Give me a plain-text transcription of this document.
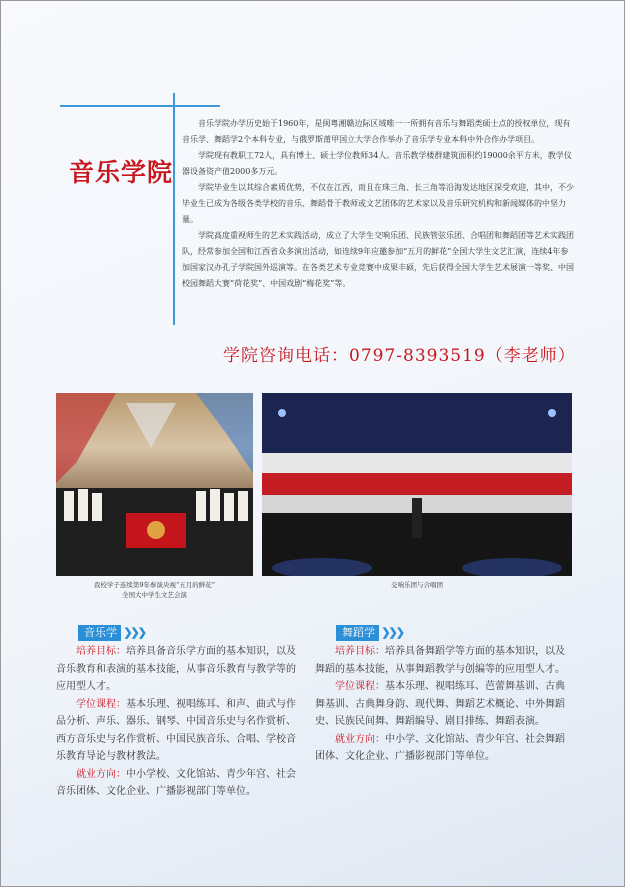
音乐学院

音乐学院办学历史始于1960年，是闽粤湘赣边际区域唯一一所拥有音乐与舞蹈类硕士点的授权单位，现有音乐学、舞蹈学2个本科专业，与俄罗斯莆甲国立大学合作举办了音乐学专业本科中外合作办学项目。

学院现有教职工72人，具有博士、硕士学位教师34人。音乐教学楼群建筑面积约19000余平方米，教学仪器设备资产值2000多万元。

学院毕业生以其综合素质优势，不仅在江西，而且在珠三角、长三角等沿海发达地区深受欢迎，其中，不少毕业生已成为各级各类学校的音乐、舞蹈骨干教师或文艺团体的艺术家以及音乐研究机构和新闻媒体的中坚力量。

学院高度重视师生的艺术实践活动，成立了大学生交响乐团、民族管弦乐团、合唱团和舞蹈团等艺术实践团队，经常参加全国和江西省众多演出活动，如连续9年应邀参加“五月的鲜花”全国大学生文艺汇演，连续4年参加国家汉办孔子学院国外巡演等。在各类艺术专业竞赛中成果丰硕，先后获得全国大学生艺术展演一等奖、中国校园舞蹈大赛“荷花奖”、中国戏剧“梅花奖”等。

学院咨询电话：0797-8393519（李老师）
我校学子连续第9年参演央视“五月的鲜花”
全国大中学生文艺会演
交响乐团与合唱团
音乐学 ❯❯❯	舞蹈学 ❯❯❯

培养目标：培养具备音乐学方面的基本知识，以及音乐教育和表演的基本技能，从事音乐教育与教学等的应用型人才。

学位课程：基本乐理、视唱练耳、和声、曲式与作品分析、声乐、器乐、钢琴、中国音乐史与名作赏析、西方音乐史与名作赏析、中国民族音乐、合唱、学校音乐教育导论与教材教法。

就业方向：中小学校、文化馆站、青少年宫、社会音乐团体、文化企业、广播影视部门等单位。

培养目标：培养具备舞蹈学等方面的基本知识，以及舞蹈的基本技能，从事舞蹈教学与创编等的应用型人才。

学位课程：基本乐理、视唱练耳、芭蕾舞基训、古典舞基训、古典舞身韵、现代舞、舞蹈艺术概论、中外舞蹈史、民族民间舞、舞蹈编导、剧目排练、舞蹈表演。

就业方向：中小学、文化馆站、青少年宫、社会舞蹈团体、文化企业、广播影视部门等单位。
